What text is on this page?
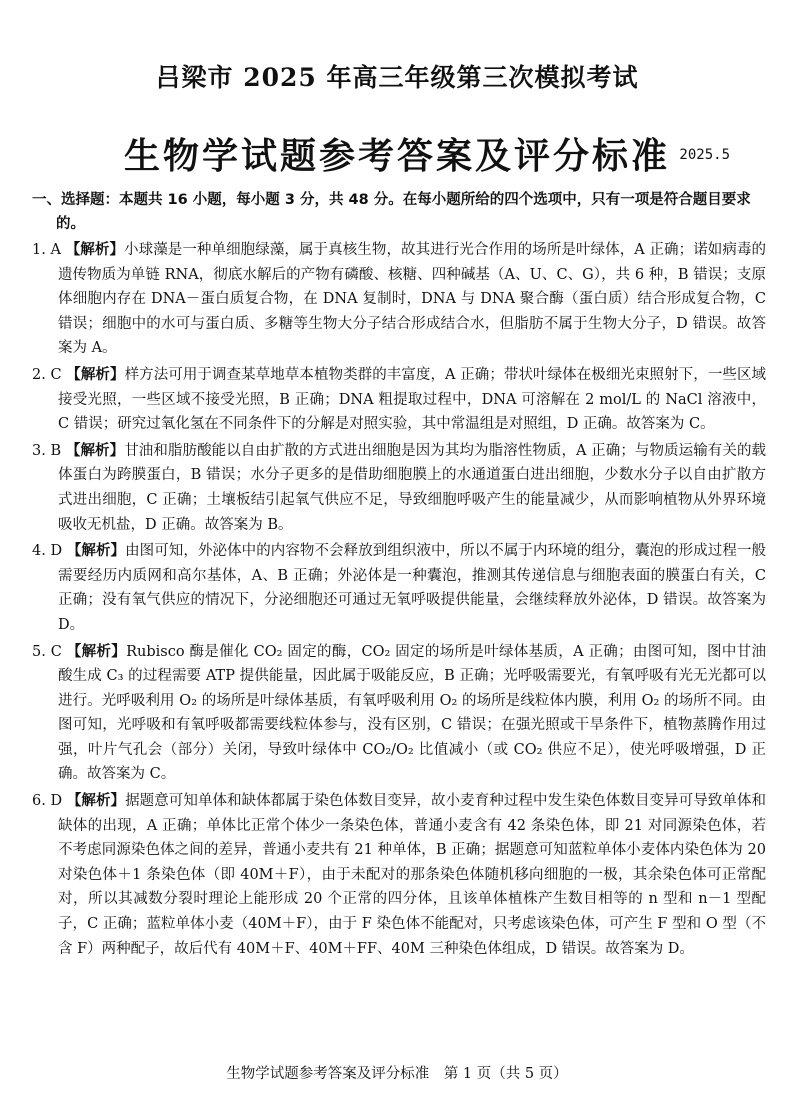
吕梁市 2025 年高三年级第三次模拟考试
生物学试题参考答案及评分标准 2025.5
一、选择题：本题共 16 小题，每小题 3 分，共 48 分。在每小题所给的四个选项中，只有一项是符合题目要求的。
1. A 【解析】小球藻是一种单细胞绿藻，属于真核生物，故其进行光合作用的场所是叶绿体，A 正确；诺如病毒的遗传物质为单链 RNA，彻底水解后的产物有磷酸、核糖、四种碱基（A、U、C、G），共 6 种，B 错误；支原体细胞内存在 DNA－蛋白质复合物，在 DNA 复制时，DNA 与 DNA 聚合酶（蛋白质）结合形成复合物，C 错误；细胞中的水可与蛋白质、多糖等生物大分子结合形成结合水，但脂肪不属于生物大分子，D 错误。故答案为 A。
2. C 【解析】样方法可用于调查某草地草本植物类群的丰富度，A 正确；带状叶绿体在极细光束照射下，一些区域接受光照，一些区域不接受光照，B 正确；DNA 粗提取过程中，DNA 可溶解在 2 mol/L 的 NaCl 溶液中，C 错误；研究过氧化氢在不同条件下的分解是对照实验，其中常温组是对照组，D 正确。故答案为 C。
3. B 【解析】甘油和脂肪酸能以自由扩散的方式进出细胞是因为其均为脂溶性物质，A 正确；与物质运输有关的载体蛋白为跨膜蛋白，B 错误；水分子更多的是借助细胞膜上的水通道蛋白进出细胞，少数水分子以自由扩散方式进出细胞，C 正确；土壤板结引起氧气供应不足，导致细胞呼吸产生的能量减少，从而影响植物从外界环境吸收无机盐，D 正确。故答案为 B。
4. D 【解析】由图可知，外泌体中的内容物不会释放到组织液中，所以不属于内环境的组分，囊泡的形成过程一般需要经历内质网和高尔基体，A、B 正确；外泌体是一种囊泡，推测其传递信息与细胞表面的膜蛋白有关，C 正确；没有氧气供应的情况下，分泌细胞还可通过无氧呼吸提供能量，会继续释放外泌体，D 错误。故答案为 D。
5. C 【解析】Rubisco 酶是催化 CO₂ 固定的酶，CO₂ 固定的场所是叶绿体基质，A 正确；由图可知，图中甘油酸生成 C₃ 的过程需要 ATP 提供能量，因此属于吸能反应，B 正确；光呼吸需要光，有氧呼吸有光无光都可以进行。光呼吸利用 O₂ 的场所是叶绿体基质，有氧呼吸利用 O₂ 的场所是线粒体内膜，利用 O₂ 的场所不同。由图可知，光呼吸和有氧呼吸都需要线粒体参与，没有区别，C 错误；在强光照或干旱条件下，植物蒸腾作用过强，叶片气孔会（部分）关闭，导致叶绿体中 CO₂/O₂ 比值减小（或 CO₂ 供应不足），使光呼吸增强，D 正确。故答案为 C。
6. D 【解析】据题意可知单体和缺体都属于染色体数目变异，故小麦育种过程中发生染色体数目变异可导致单体和缺体的出现，A 正确；单体比正常个体少一条染色体，普通小麦含有 42 条染色体，即 21 对同源染色体，若不考虑同源染色体之间的差异，普通小麦共有 21 种单体，B 正确；据题意可知蓝粒单体小麦体内染色体为 20 对染色体＋1 条染色体（即 40M＋F），由于未配对的那条染色体随机移向细胞的一极，其余染色体可正常配对，所以其减数分裂时理论上能形成 20 个正常的四分体，且该单体植株产生数目相等的 n 型和 n－1 型配子，C 正确；蓝粒单体小麦（40M＋F），由于 F 染色体不能配对，只考虑该染色体，可产生 F 型和 O 型（不含 F）两种配子，故后代有 40M＋F、40M＋FF、40M 三种染色体组成，D 错误。故答案为 D。
生物学试题参考答案及评分标准　第 1 页（共 5 页）
